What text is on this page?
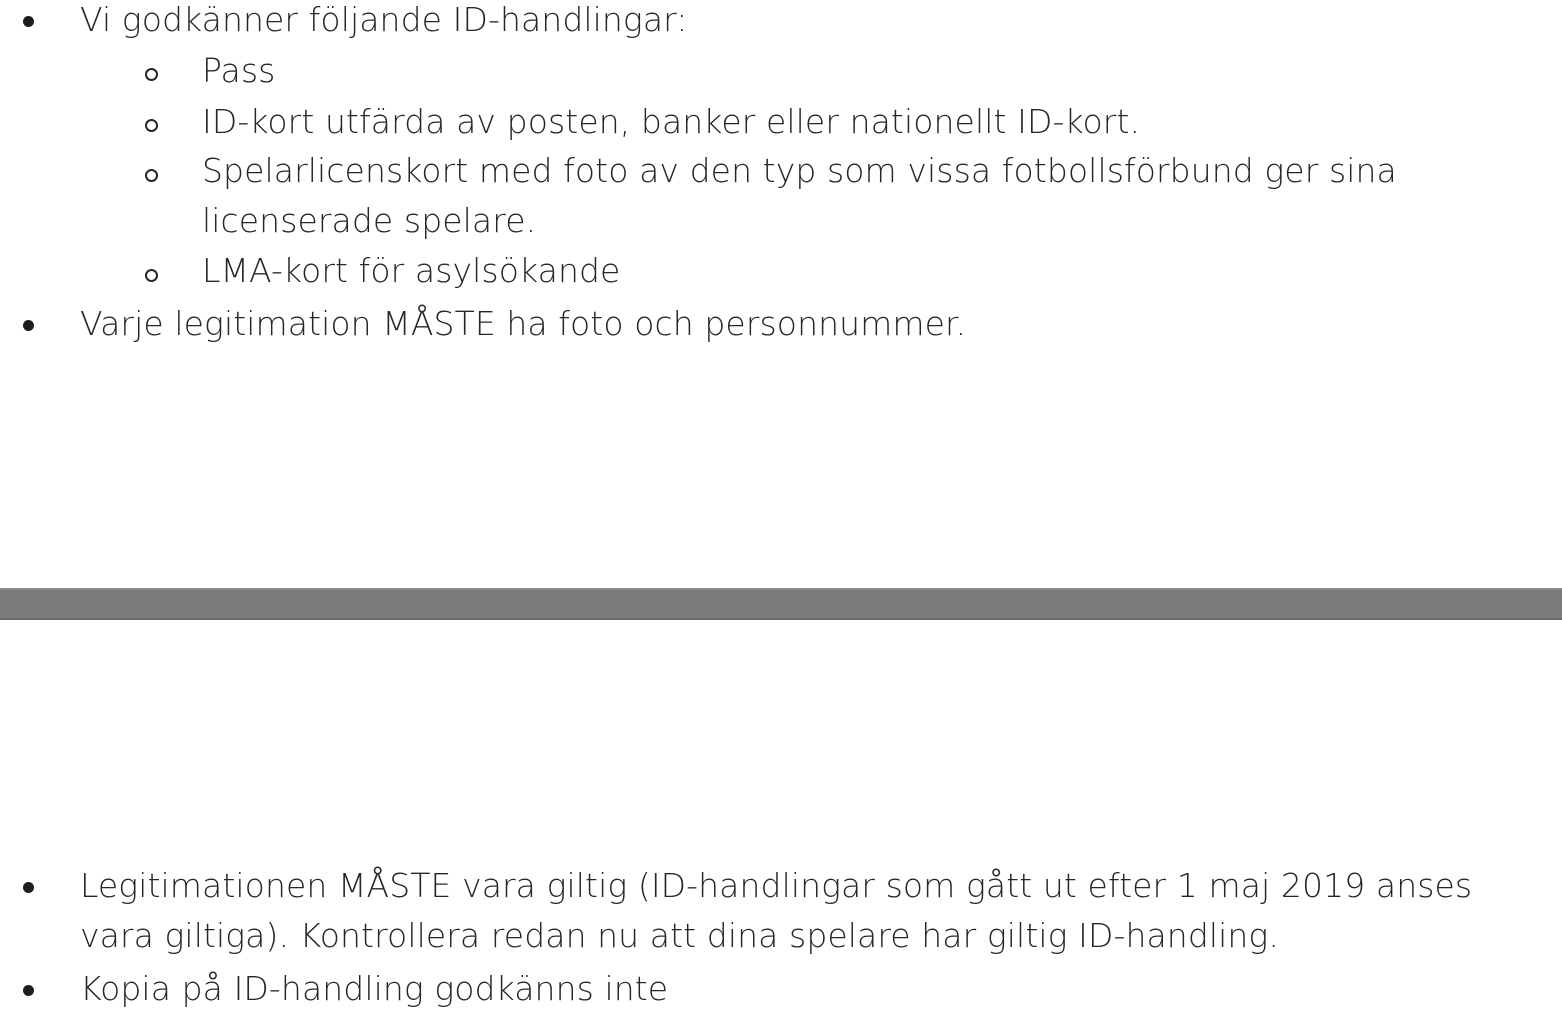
Vi godkänner följande ID-handlingar:
Pass
ID-kort utfärda av posten, banker eller nationellt ID-kort.
Spelarlicenskort med foto av den typ som vissa fotbollsförbund ger sina
licenserade spelare.
LMA-kort för asylsökande
Varje legitimation MÅSTE ha foto och personnummer.
Legitimationen MÅSTE vara giltig (ID-handlingar som gått ut efter 1 maj 2019 anses
vara giltiga). Kontrollera redan nu att dina spelare har giltig ID-handling.
Kopia på ID-handling godkänns inte
